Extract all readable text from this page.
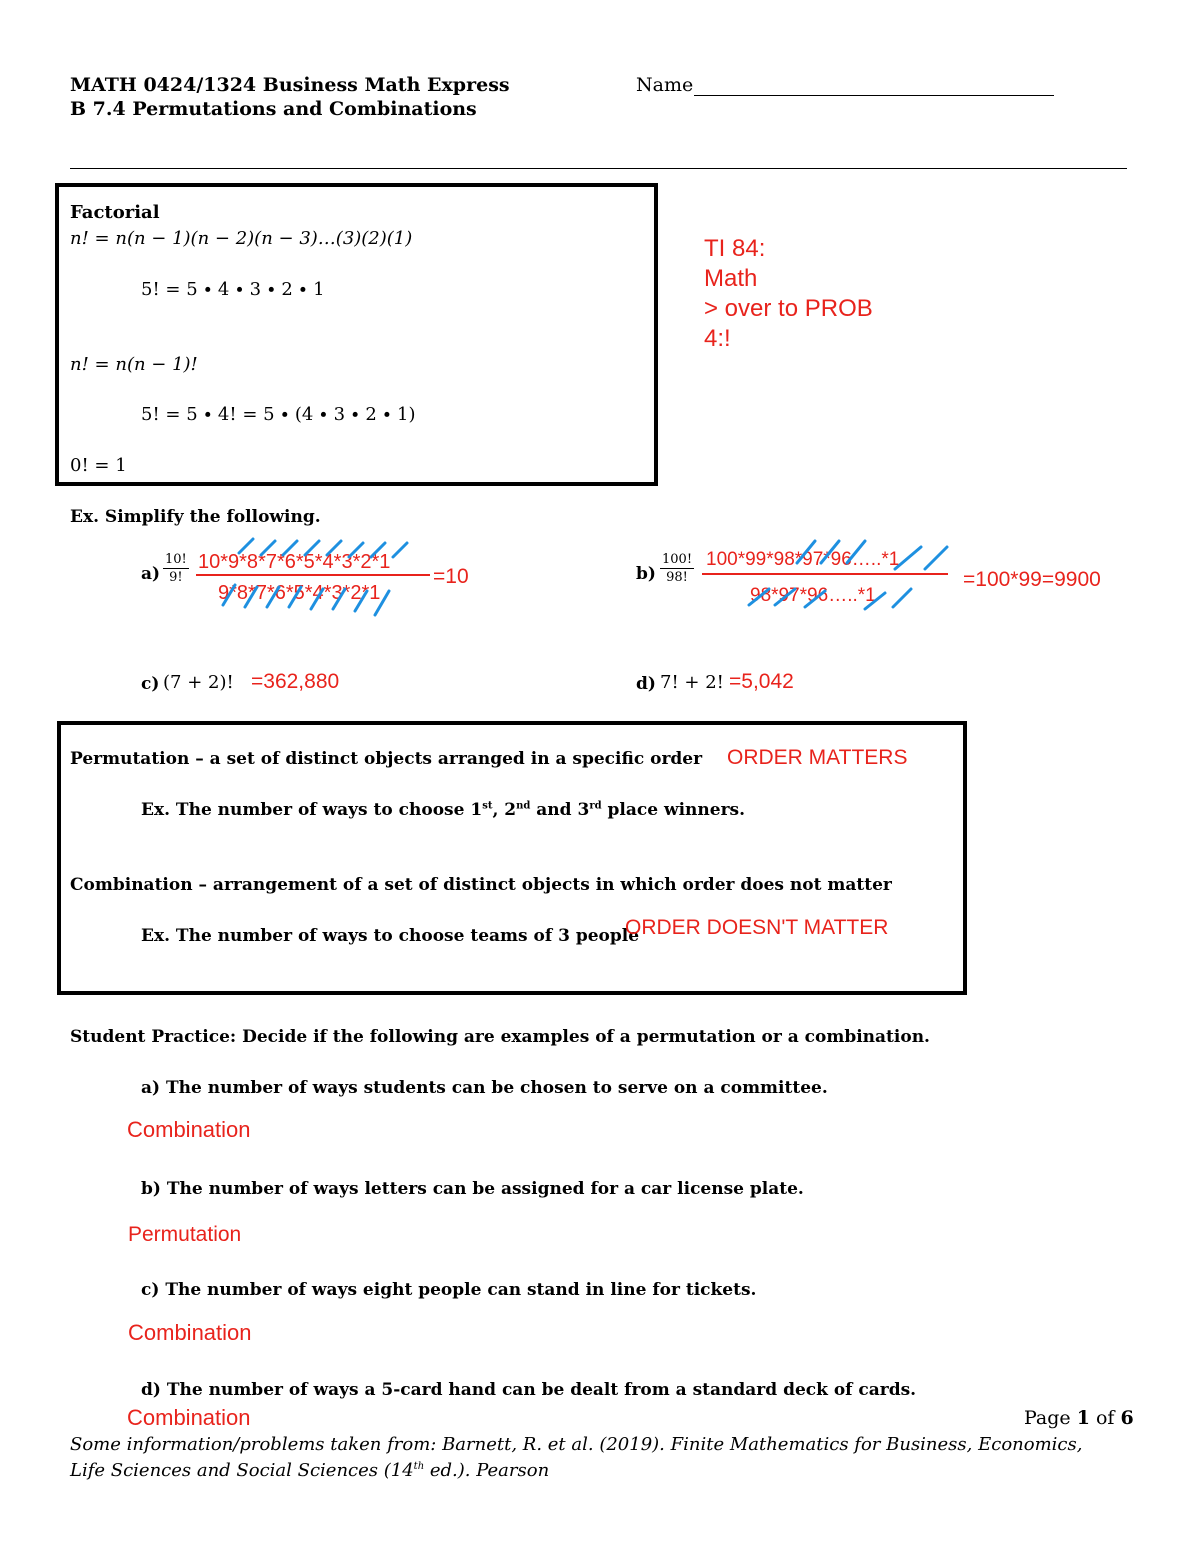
MATH 0424/1324 Business Math Express
B 7.4 Permutations and Combinations
Name
Factorial
n! = n(n − 1)(n − 2)(n − 3)…(3)(2)(1)
5! = 5 ∙ 4 ∙ 3 ∙ 2 ∙ 1
n! = n(n − 1)!
5! = 5 ∙ 4! = 5 ∙ (4 ∙ 3 ∙ 2 ∙ 1)
0! = 1
TI 84:
Math
> over to PROB
4:!
Ex. Simplify the following.
$a) \frac{10!}{9!} 10*9*8*7*6*5*4*3*2*1$
9*8*7*6*5*4*3*2*1
=10	$b) \frac{100!}{98!}$ 100*99*98*97*96…..*1
98*97*96…..*1
=100*99=9900
c) (7 + 2)! =362,880	d) 7! + 2! =5,042
Permutation – a set of distinct objects arranged in a specific order ORDER MATTERS
Ex. The number of ways to choose 1st, 2nd and 3rd place winners.
Combination – arrangement of a set of distinct objects in which order does not matter
Ex. The number of ways to choose teams of 3 people
ORDER DOESN'T MATTER
Student Practice: Decide if the following are examples of a permutation or a combination.
a) The number of ways students can be chosen to serve on a committee.
Combination
b) The number of ways letters can be assigned for a car license plate.
Permutation
c) The number of ways eight people can stand in line for tickets.
Combination
d) The number of ways a 5-card hand can be dealt from a standard deck of cards.
Combination	Page 1 of 6
Some information/problems taken from: Barnett, R. et al. (2019). Finite Mathematics for Business, Economics,
Life Sciences and Social Sciences (14th ed.). Pearson
